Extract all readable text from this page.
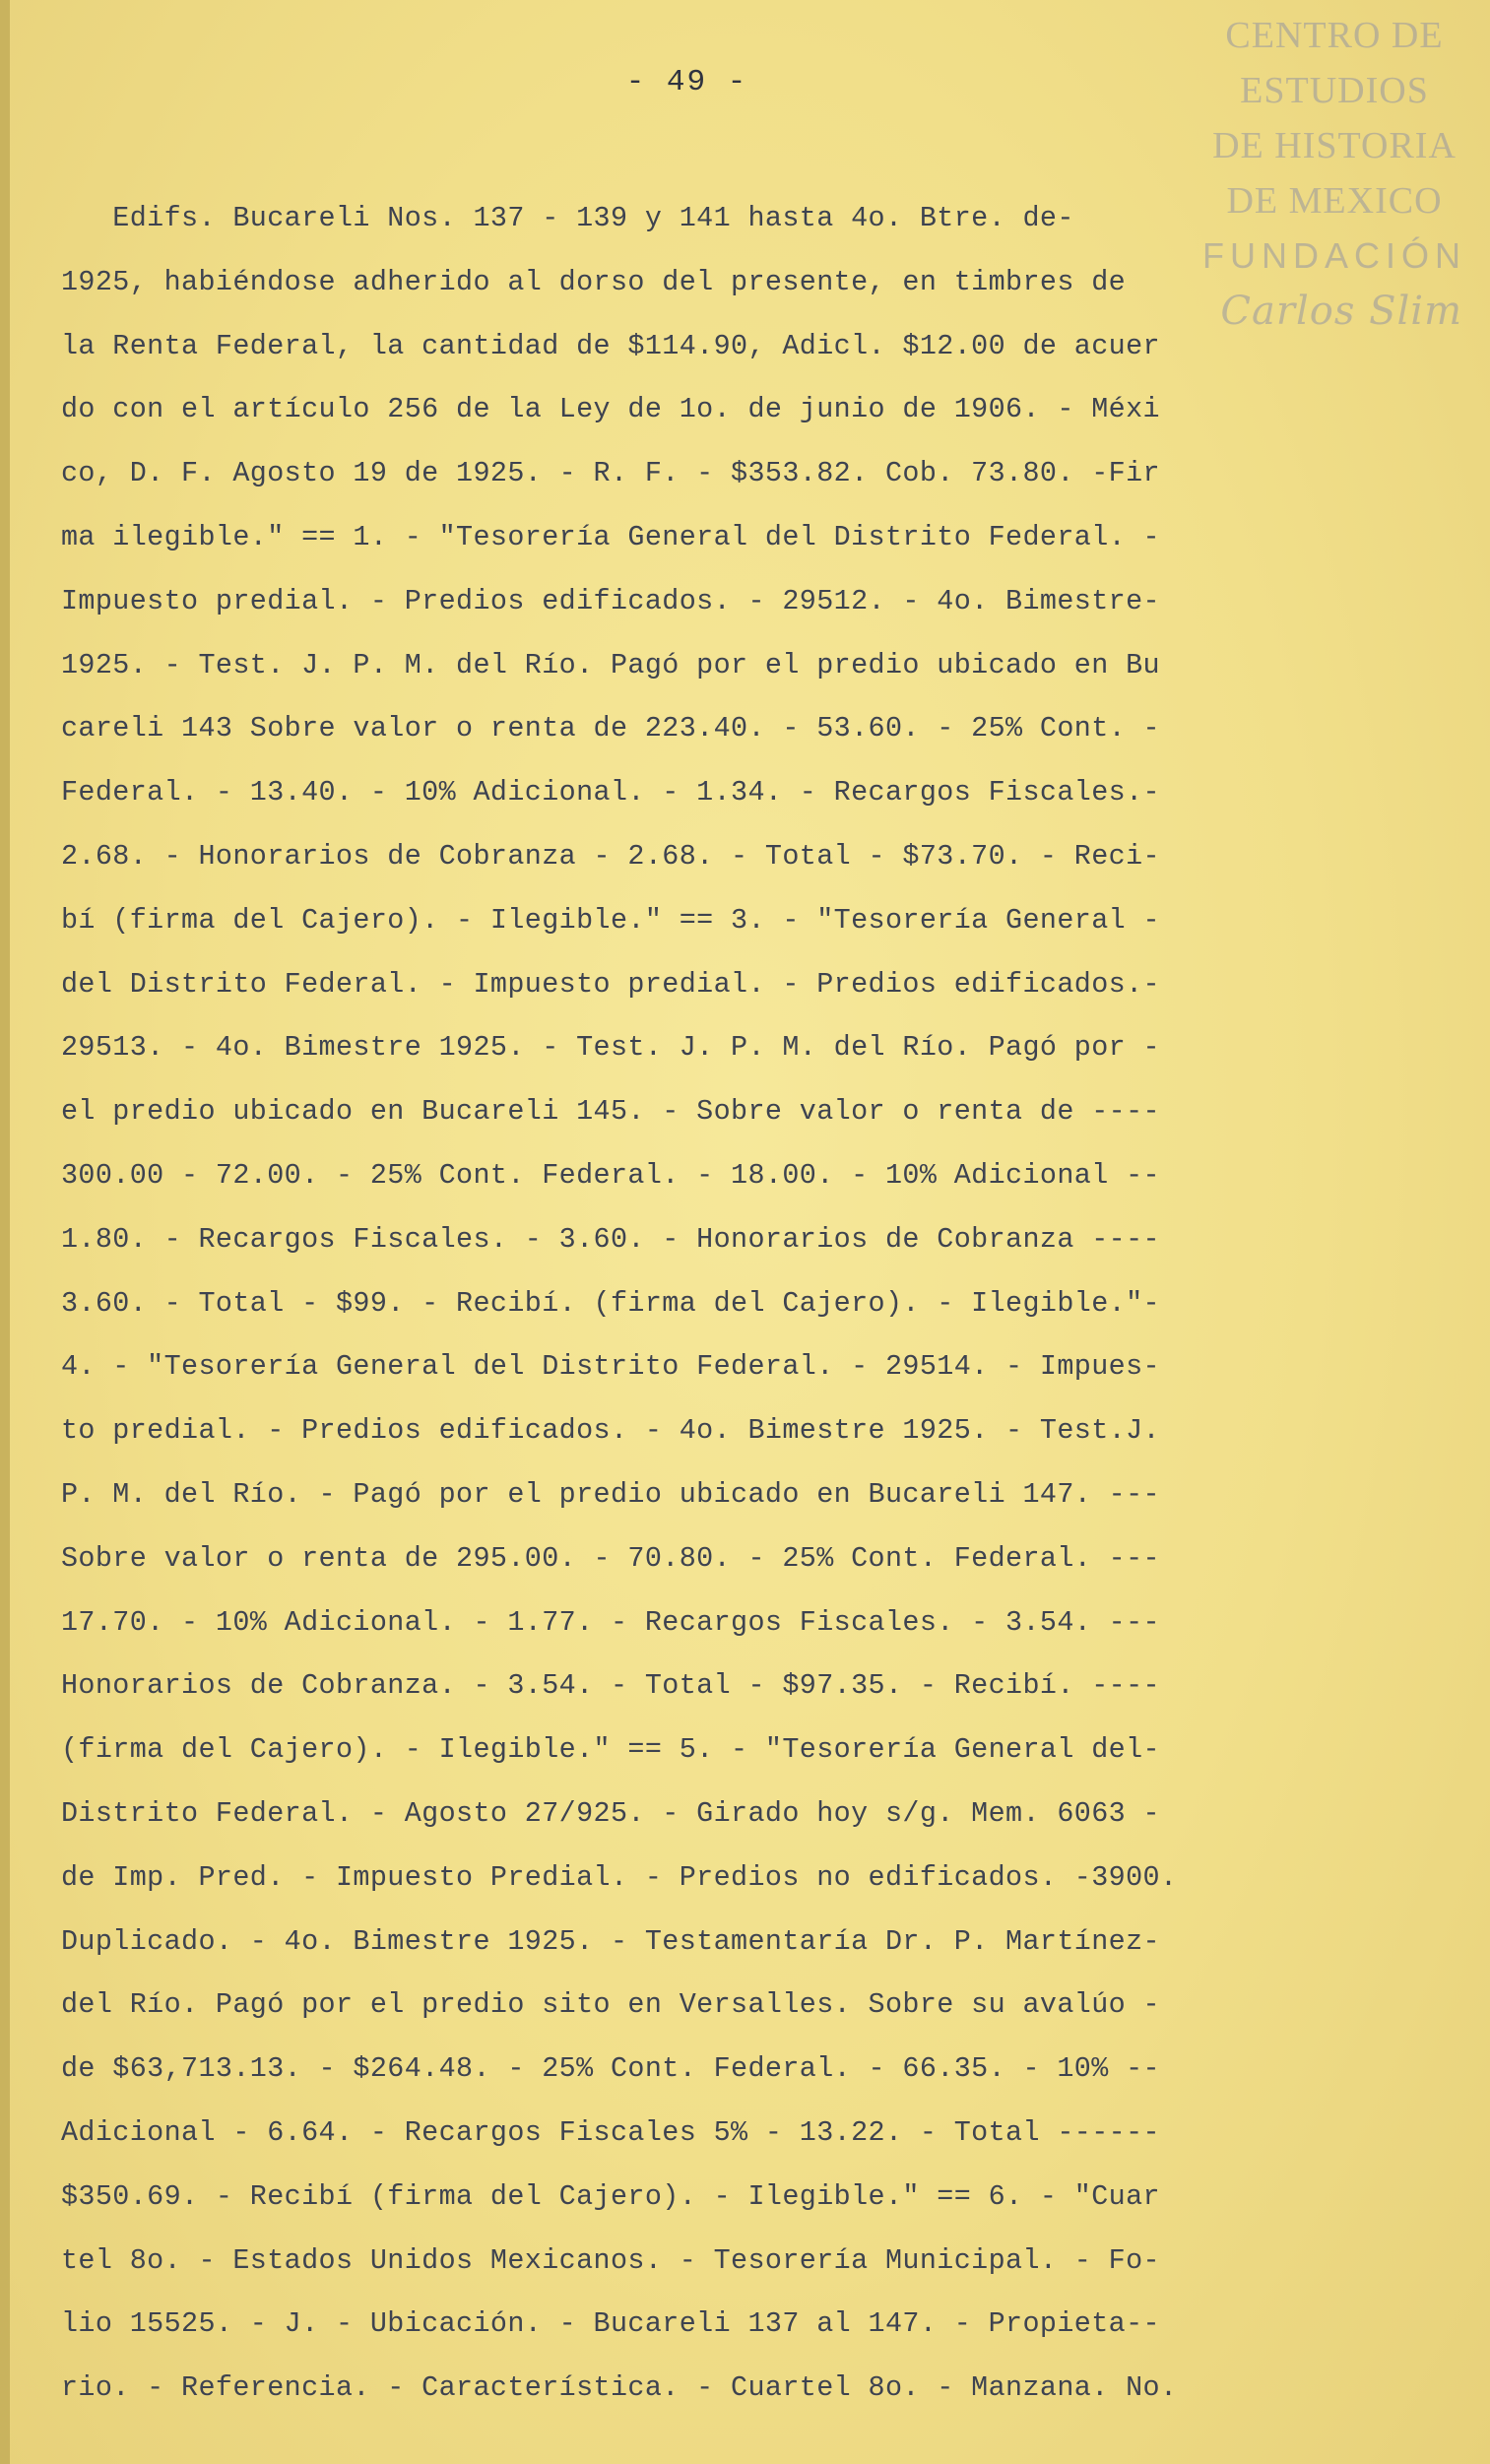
- 49 -
CENTRO DE
ESTUDIOS
DE HISTORIA
DE MEXICO
FUNDACIÓN
Carlos Slim
Edifs. Bucareli Nos. 137 - 139 y 141 hasta 4o. Btre. de-
1925, habiéndose adherido al dorso del presente, en timbres de
la Renta Federal, la cantidad de $114.90, Adicl. $12.00 de acuer
do con el artículo 256 de la Ley de 1o. de junio de 1906. - Méxi
co, D. F. Agosto 19 de 1925. - R. F. - $353.82. Cob. 73.80. -Fir
ma ilegible." == 1. - "Tesorería General del Distrito Federal. -
Impuesto predial. - Predios edificados. - 29512. - 4o. Bimestre-
1925. - Test. J. P. M. del Río. Pagó por el predio ubicado en Bu
careli 143 Sobre valor o renta de 223.40. - 53.60. - 25% Cont. -
Federal. - 13.40. - 10% Adicional. - 1.34. - Recargos Fiscales.-
2.68. - Honorarios de Cobranza - 2.68. - Total - $73.70. - Reci-
bí (firma del Cajero). - Ilegible." == 3. - "Tesorería General -
del Distrito Federal. - Impuesto predial. - Predios edificados.-
29513. - 4o. Bimestre 1925. - Test. J. P. M. del Río. Pagó por -
el predio ubicado en Bucareli 145. - Sobre valor o renta de ----
300.00 - 72.00. - 25% Cont. Federal. - 18.00. - 10% Adicional --
1.80. - Recargos Fiscales. - 3.60. - Honorarios de Cobranza ----
3.60. - Total - $99. - Recibí. (firma del Cajero). - Ilegible."-
4. - "Tesorería General del Distrito Federal. - 29514. - Impues-
to predial. - Predios edificados. - 4o. Bimestre 1925. - Test.J.
P. M. del Río. - Pagó por el predio ubicado en Bucareli 147. ---
Sobre valor o renta de 295.00. - 70.80. - 25% Cont. Federal. ---
17.70. - 10% Adicional. - 1.77. - Recargos Fiscales. - 3.54. ---
Honorarios de Cobranza. - 3.54. - Total - $97.35. - Recibí. ----
(firma del Cajero). - Ilegible." == 5. - "Tesorería General del-
Distrito Federal. - Agosto 27/925. - Girado hoy s/g. Mem. 6063 -
de Imp. Pred. - Impuesto Predial. - Predios no edificados. -3900.
Duplicado. - 4o. Bimestre 1925. - Testamentaría Dr. P. Martínez-
del Río. Pagó por el predio sito en Versalles. Sobre su avalúo -
de $63,713.13. - $264.48. - 25% Cont. Federal. - 66.35. - 10% --
Adicional - 6.64. - Recargos Fiscales 5% - 13.22. - Total ------
$350.69. - Recibí (firma del Cajero). - Ilegible." == 6. - "Cuar
tel 8o. - Estados Unidos Mexicanos. - Tesorería Municipal. - Fo-
lio 15525. - J. - Ubicación. - Bucareli 137 al 147. - Propieta--
rio. - Referencia. - Característica. - Cuartel 8o. - Manzana. No.
